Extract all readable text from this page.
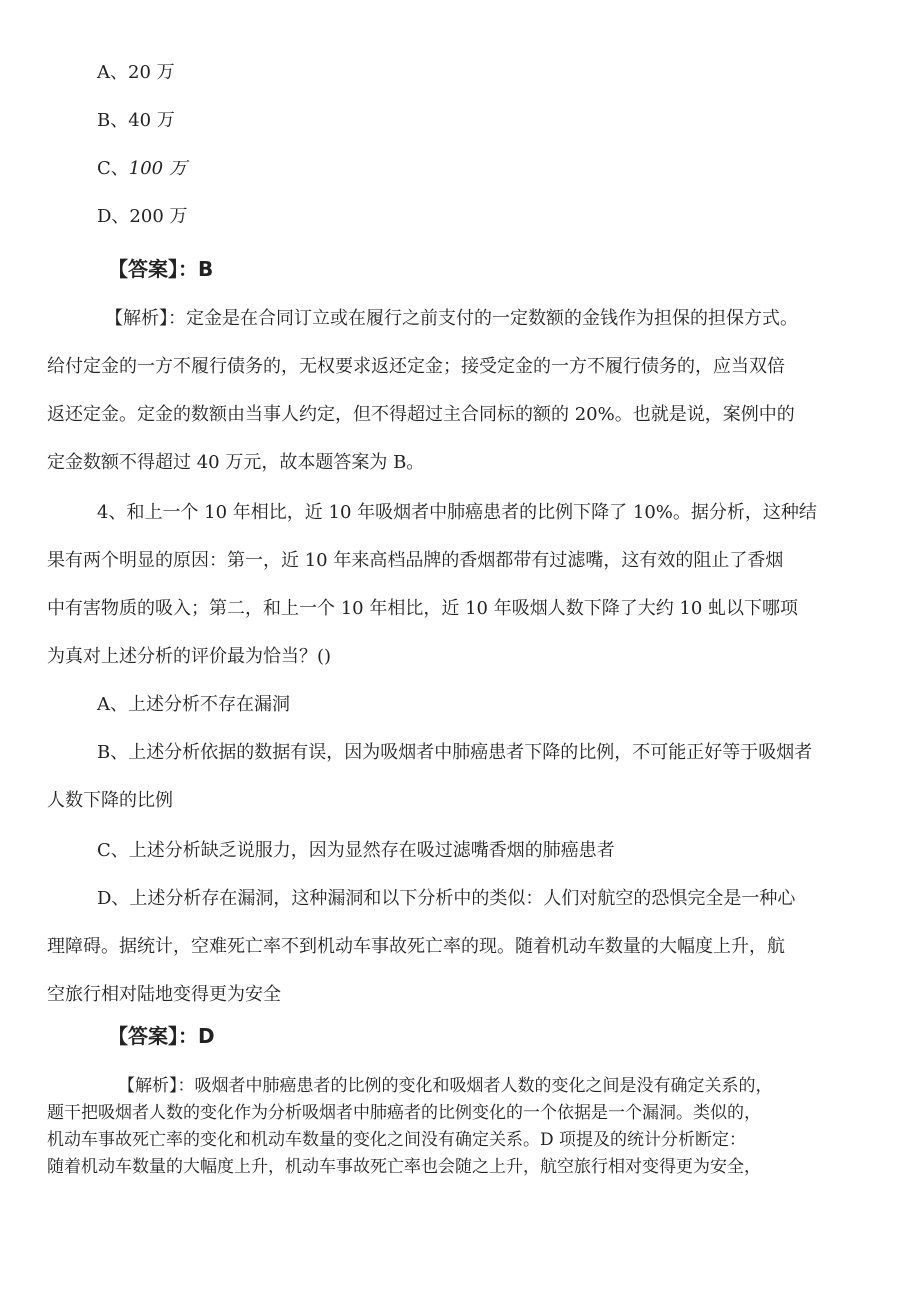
A、20 万
B、40 万
C、100 万
D、200 万
【答案】：B
【解析】：定金是在合同订立或在履行之前支付的一定数额的金钱作为担保的担保方式。
给付定金的一方不履行债务的，无权要求返还定金；接受定金的一方不履行债务的，应当双倍
返还定金。定金的数额由当事人约定，但不得超过主合同标的额的 20%。也就是说，案例中的
定金数额不得超过 40 万元，故本题答案为 B。
4、和上一个 10 年相比，近 10 年吸烟者中肺癌患者的比例下降了 10%。据分析，这种结
果有两个明显的原因：第一，近 10 年来高档品牌的香烟都带有过滤嘴，这有效的阻止了香烟
中有害物质的吸入；第二，和上一个 10 年相比，近 10 年吸烟人数下降了大约 10 虬以下哪项
为真对上述分析的评价最为恰当？()
A、上述分析不存在漏洞
B、上述分析依据的数据有误，因为吸烟者中肺癌患者下降的比例，不可能正好等于吸烟者
人数下降的比例
C、上述分析缺乏说服力，因为显然存在吸过滤嘴香烟的肺癌患者
D、上述分析存在漏洞，这种漏洞和以下分析中的类似：人们对航空的恐惧完全是一种心
理障碍。据统计，空难死亡率不到机动车事故死亡率的现。随着机动车数量的大幅度上升，航
空旅行相对陆地变得更为安全
【答案】：D
【解析】：吸烟者中肺癌患者的比例的变化和吸烟者人数的变化之间是没有确定关系的，
题干把吸烟者人数的变化作为分析吸烟者中肺癌者的比例变化的一个依据是一个漏洞。类似的，
机动车事故死亡率的变化和机动车数量的变化之间没有确定关系。D 项提及的统计分析断定：
随着机动车数量的大幅度上升，机动车事故死亡率也会随之上升，航空旅行相对变得更为安全，
